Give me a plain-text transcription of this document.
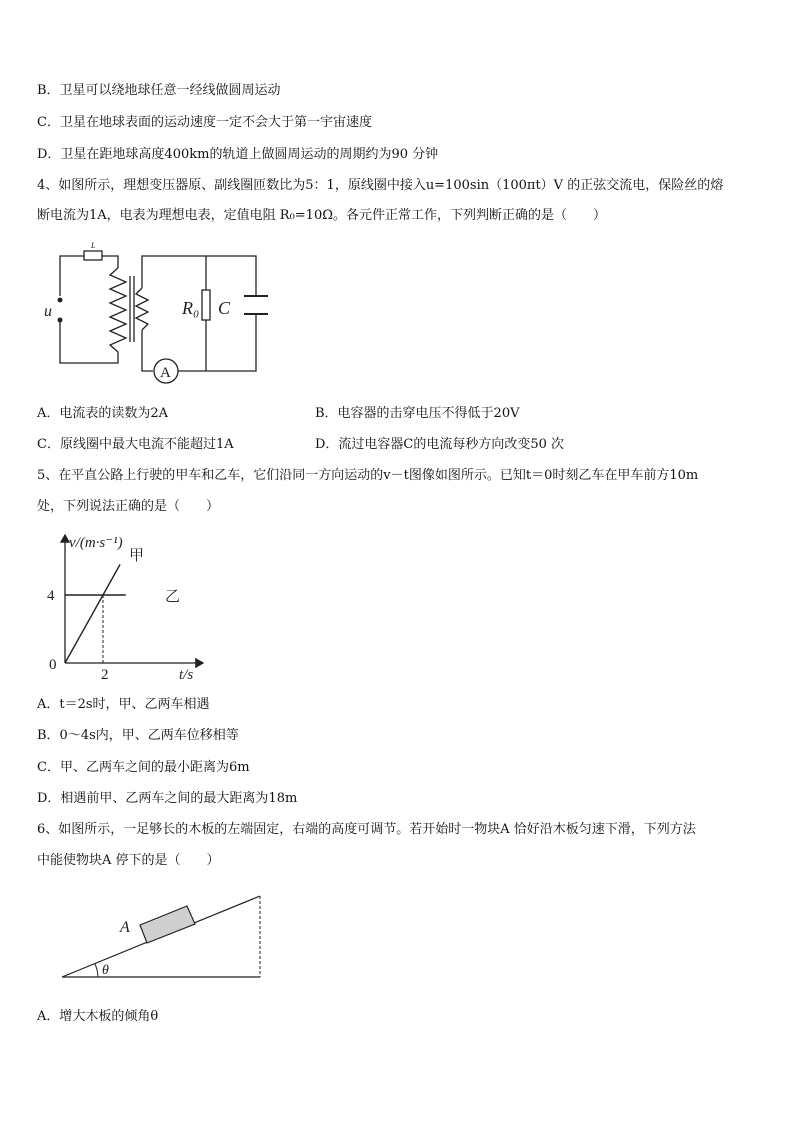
B．卫星可以绕地球任意一经线做圆周运动
C．卫星在地球表面的运动速度一定不会大于第一宇宙速度
D．卫星在距地球高度400km的轨道上做圆周运动的周期约为90 分钟
4、如图所示，理想变压器原、副线圈匝数比为5：1，原线圈中接入u=100sin（100πt）V 的正弦交流电，保险丝的熔
断电流为1A，电表为理想电表，定值电阻 R₀=10Ω。各元件正常工作，下列判断正确的是（　　）
L
u	R₀ C
A
A．电流表的读数为2A	B．电容器的击穿电压不得低于20V
C．原线圈中最大电流不能超过1A	D．流过电容器C的电流每秒方向改变50 次
5、在平直公路上行驶的甲车和乙车，它们沿同一方向运动的v－t图像如图所示。已知t＝0时刻乙车在甲车前方10m
处，下列说法正确的是（　　）
v/(m·s⁻¹)
t/s
0
2
4
甲
乙
A．t＝2s时，甲、乙两车相遇
B．0～4s内，甲、乙两车位移相等
C．甲、乙两车之间的最小距离为6m
D．相遇前甲、乙两车之间的最大距离为18m
6、如图所示，一足够长的木板的左端固定，右端的高度可调节。若开始时一物块A 恰好沿木板匀速下滑，下列方法
中能使物块A 停下的是（　　）
A
θ
A．增大木板的倾角θ
